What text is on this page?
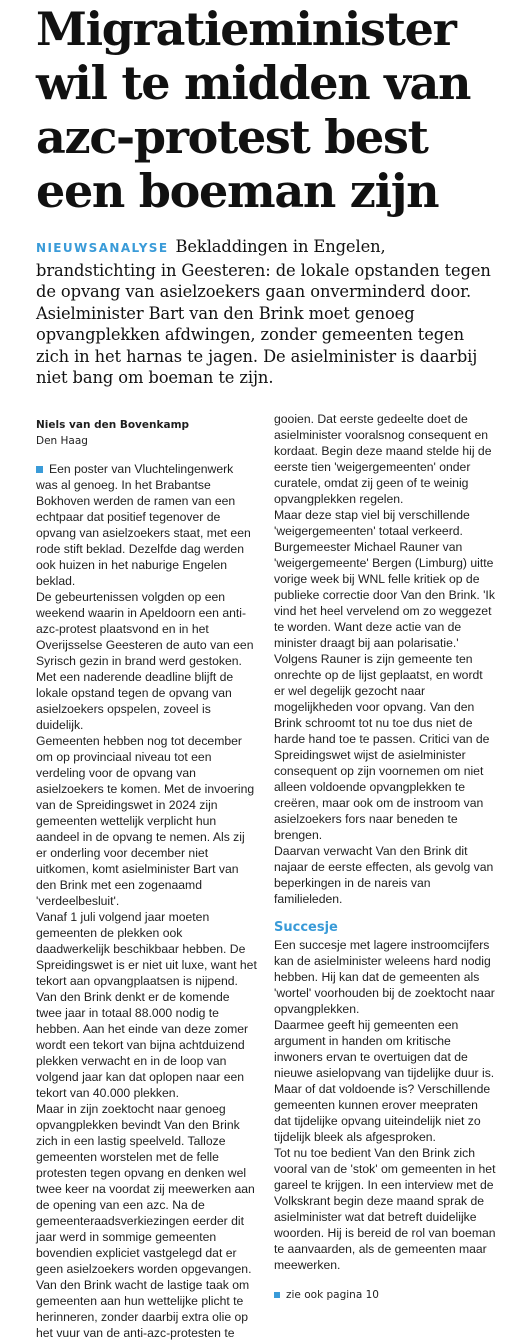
Migratieminister
wil te midden van
azc-protest best
een boeman zijn
NIEUWSANALYSE Bekladdingen in Engelen, brandstichting in Geesteren: de lokale opstanden tegen de opvang van asielzoekers gaan onverminderd door. Asielminister Bart van den Brink moet genoeg opvangplekken afdwingen, zonder gemeenten tegen zich in het harnas te jagen. De asielminister is daarbij niet bang om boeman te zijn.
Niels van den Bovenkamp
Den Haag

Een poster van Vluchtelingenwerk was al genoeg. In het Brabantse Bokhoven werden de ramen van een echtpaar dat positief tegenover de opvang van asielzoekers staat, met een rode stift beklad. Dezelfde dag werden ook huizen in het naburige Engelen beklad.

De gebeurtenissen volgden op een weekend waarin in Apeldoorn een anti-azc-protest plaatsvond en in het Overijsselse Geesteren de auto van een Syrisch gezin in brand werd gestoken.

Met een naderende deadline blijft de lokale opstand tegen de opvang van asielzoekers opspelen, zoveel is duidelijk.

Gemeenten hebben nog tot december om op provinciaal niveau tot een verdeling voor de opvang van asielzoekers te komen. Met de invoering van de Spreidingswet in 2024 zijn gemeenten wettelijk verplicht hun aandeel in de opvang te nemen. Als zij er onderling voor december niet uitkomen, komt asielminister Bart van den Brink met een zogenaamd 'verdeelbesluit'.

Vanaf 1 juli volgend jaar moeten gemeenten de plekken ook daadwerkelijk beschikbaar hebben. De Spreidingswet is er niet uit luxe, want het tekort aan opvangplaatsen is nijpend.

Van den Brink denkt er de komende twee jaar in totaal 88.000 nodig te hebben. Aan het einde van deze zomer wordt een tekort van bijna achtduizend plekken verwacht en in de loop van volgend jaar kan dat oplopen naar een tekort van 40.000 plekken.

Maar in zijn zoektocht naar genoeg opvangplekken bevindt Van den Brink zich in een lastig speelveld. Talloze gemeenten worstelen met de felle protesten tegen opvang en denken wel twee keer na voordat zij meewerken aan de opening van een azc. Na de gemeenteraadsverkiezingen eerder dit jaar werd in sommige gemeenten bovendien expliciet vastgelegd dat er geen asielzoekers worden opgevangen.

Van den Brink wacht de lastige taak om gemeenten aan hun wettelijke plicht te herinneren, zonder daarbij extra olie op het vuur van de anti-azc-protesten te

gooien. Dat eerste gedeelte doet de asielminister vooralsnog consequent en kordaat. Begin deze maand stelde hij de eerste tien 'weigergemeenten' onder curatele, omdat zij geen of te weinig opvangplekken regelen.

Maar deze stap viel bij verschillende 'weigergemeenten' totaal verkeerd. Burgemeester Michael Rauner van 'weigergemeente' Bergen (Limburg) uitte vorige week bij WNL felle kritiek op de publieke correctie door Van den Brink. 'Ik vind het heel vervelend om zo weggezet te worden. Want deze actie van de minister draagt bij aan polarisatie.'

Volgens Rauner is zijn gemeente ten onrechte op de lijst geplaatst, en wordt er wel degelijk gezocht naar mogelijkheden voor opvang. Van den Brink schroomt tot nu toe dus niet de harde hand toe te passen. Critici van de Spreidingswet wijst de asielminister consequent op zijn voornemen om niet alleen voldoende opvangplekken te creëren, maar ook om de instroom van asielzoekers fors naar beneden te brengen.

Daarvan verwacht Van den Brink dit najaar de eerste effecten, als gevolg van beperkingen in de nareis van familieleden.

Succesje

Een succesje met lagere instroomcijfers kan de asielminister weleens hard nodig hebben. Hij kan dat de gemeenten als 'wortel' voorhouden bij de zoektocht naar opvangplekken.

Daarmee geeft hij gemeenten een argument in handen om kritische inwoners ervan te overtuigen dat de nieuwe asielopvang van tijdelijke duur is. Maar of dat voldoende is? Verschillende gemeenten kunnen erover meepraten dat tijdelijke opvang uiteindelijk niet zo tijdelijk bleek als afgesproken.

Tot nu toe bedient Van den Brink zich vooral van de 'stok' om gemeenten in het gareel te krijgen. In een interview met de Volkskrant begin deze maand sprak de asielminister wat dat betreft duidelijke woorden. Hij is bereid de rol van boeman te aanvaarden, als de gemeenten maar meewerken.

zie ook pagina 10
